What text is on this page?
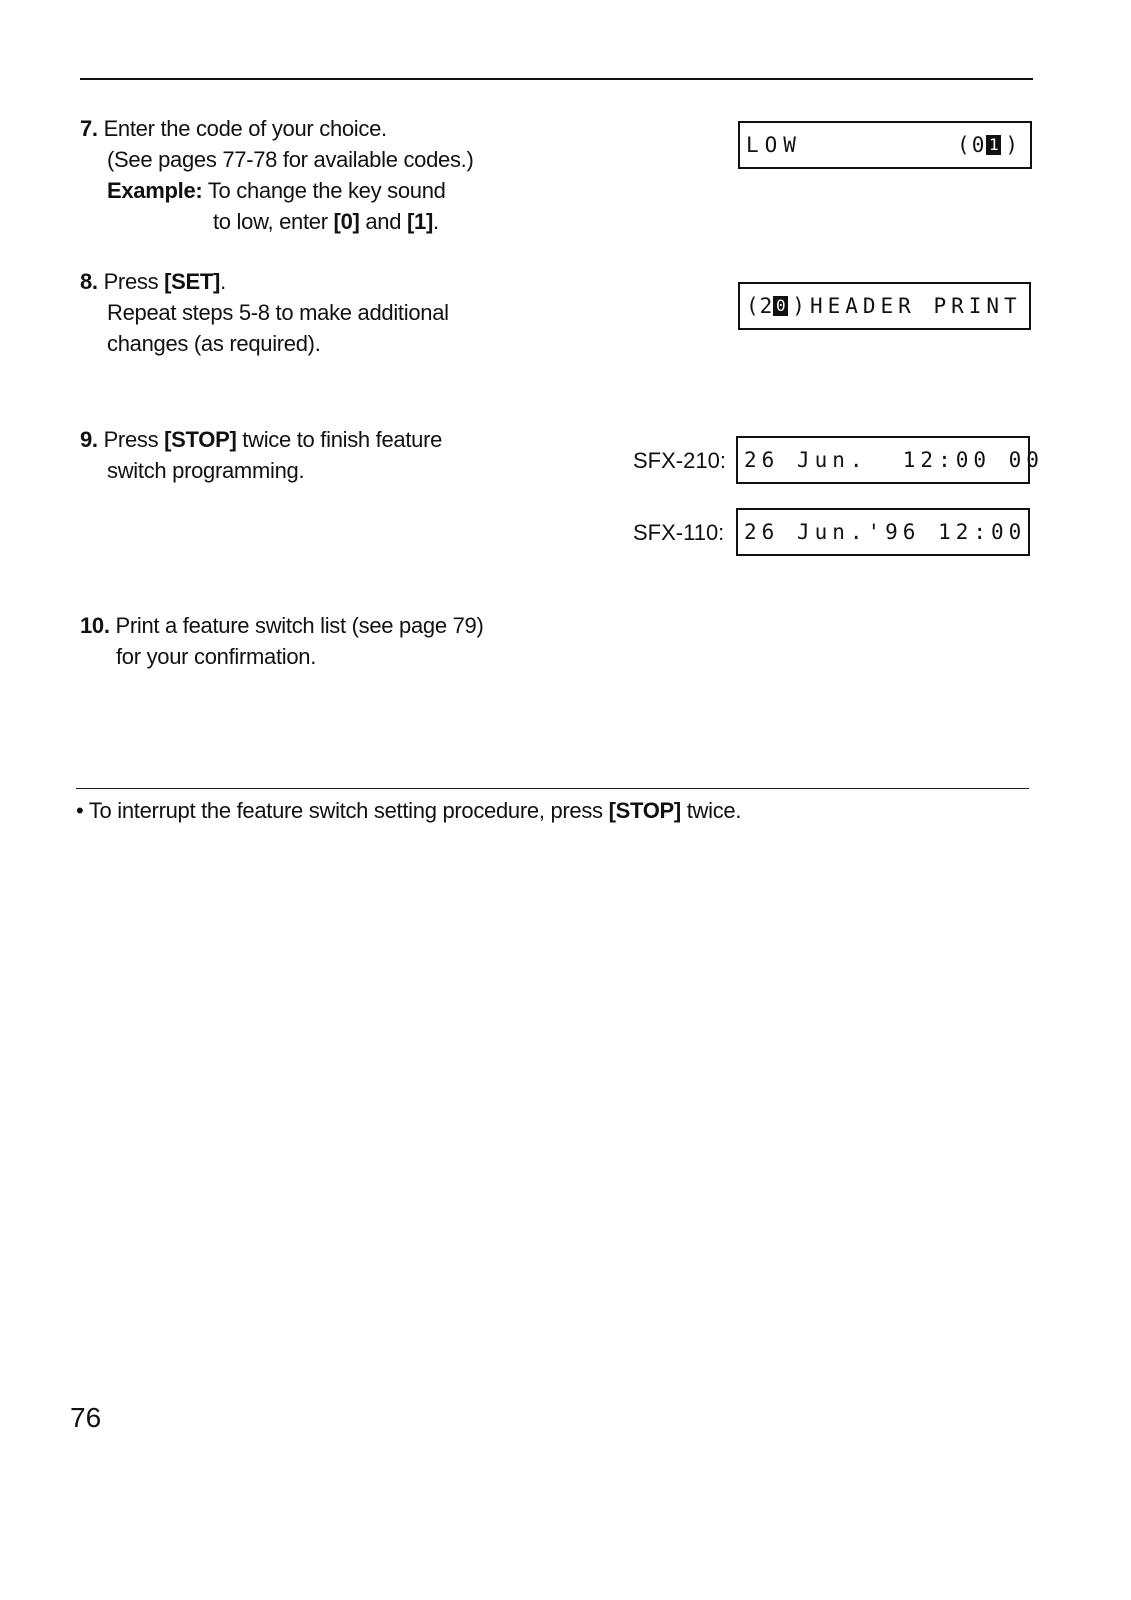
7. Enter the code of your choice.
(See pages 77-78 for available codes.)
Example: To change the key sound
to low, enter [0] and [1].
LOW	(0 1 )
8. Press [SET].
Repeat steps 5-8 to make additional
changes (as required).
(2 0 )HEADER PRINT
9. Press [STOP] twice to finish feature
switch programming.	SFX-210: 26 Jun.  12:00 00
SFX-110: 26 Jun.'96 12:00
10. Print a feature switch list (see page 79)
for your confirmation.
• To interrupt the feature switch setting procedure, press [STOP] twice.
76
